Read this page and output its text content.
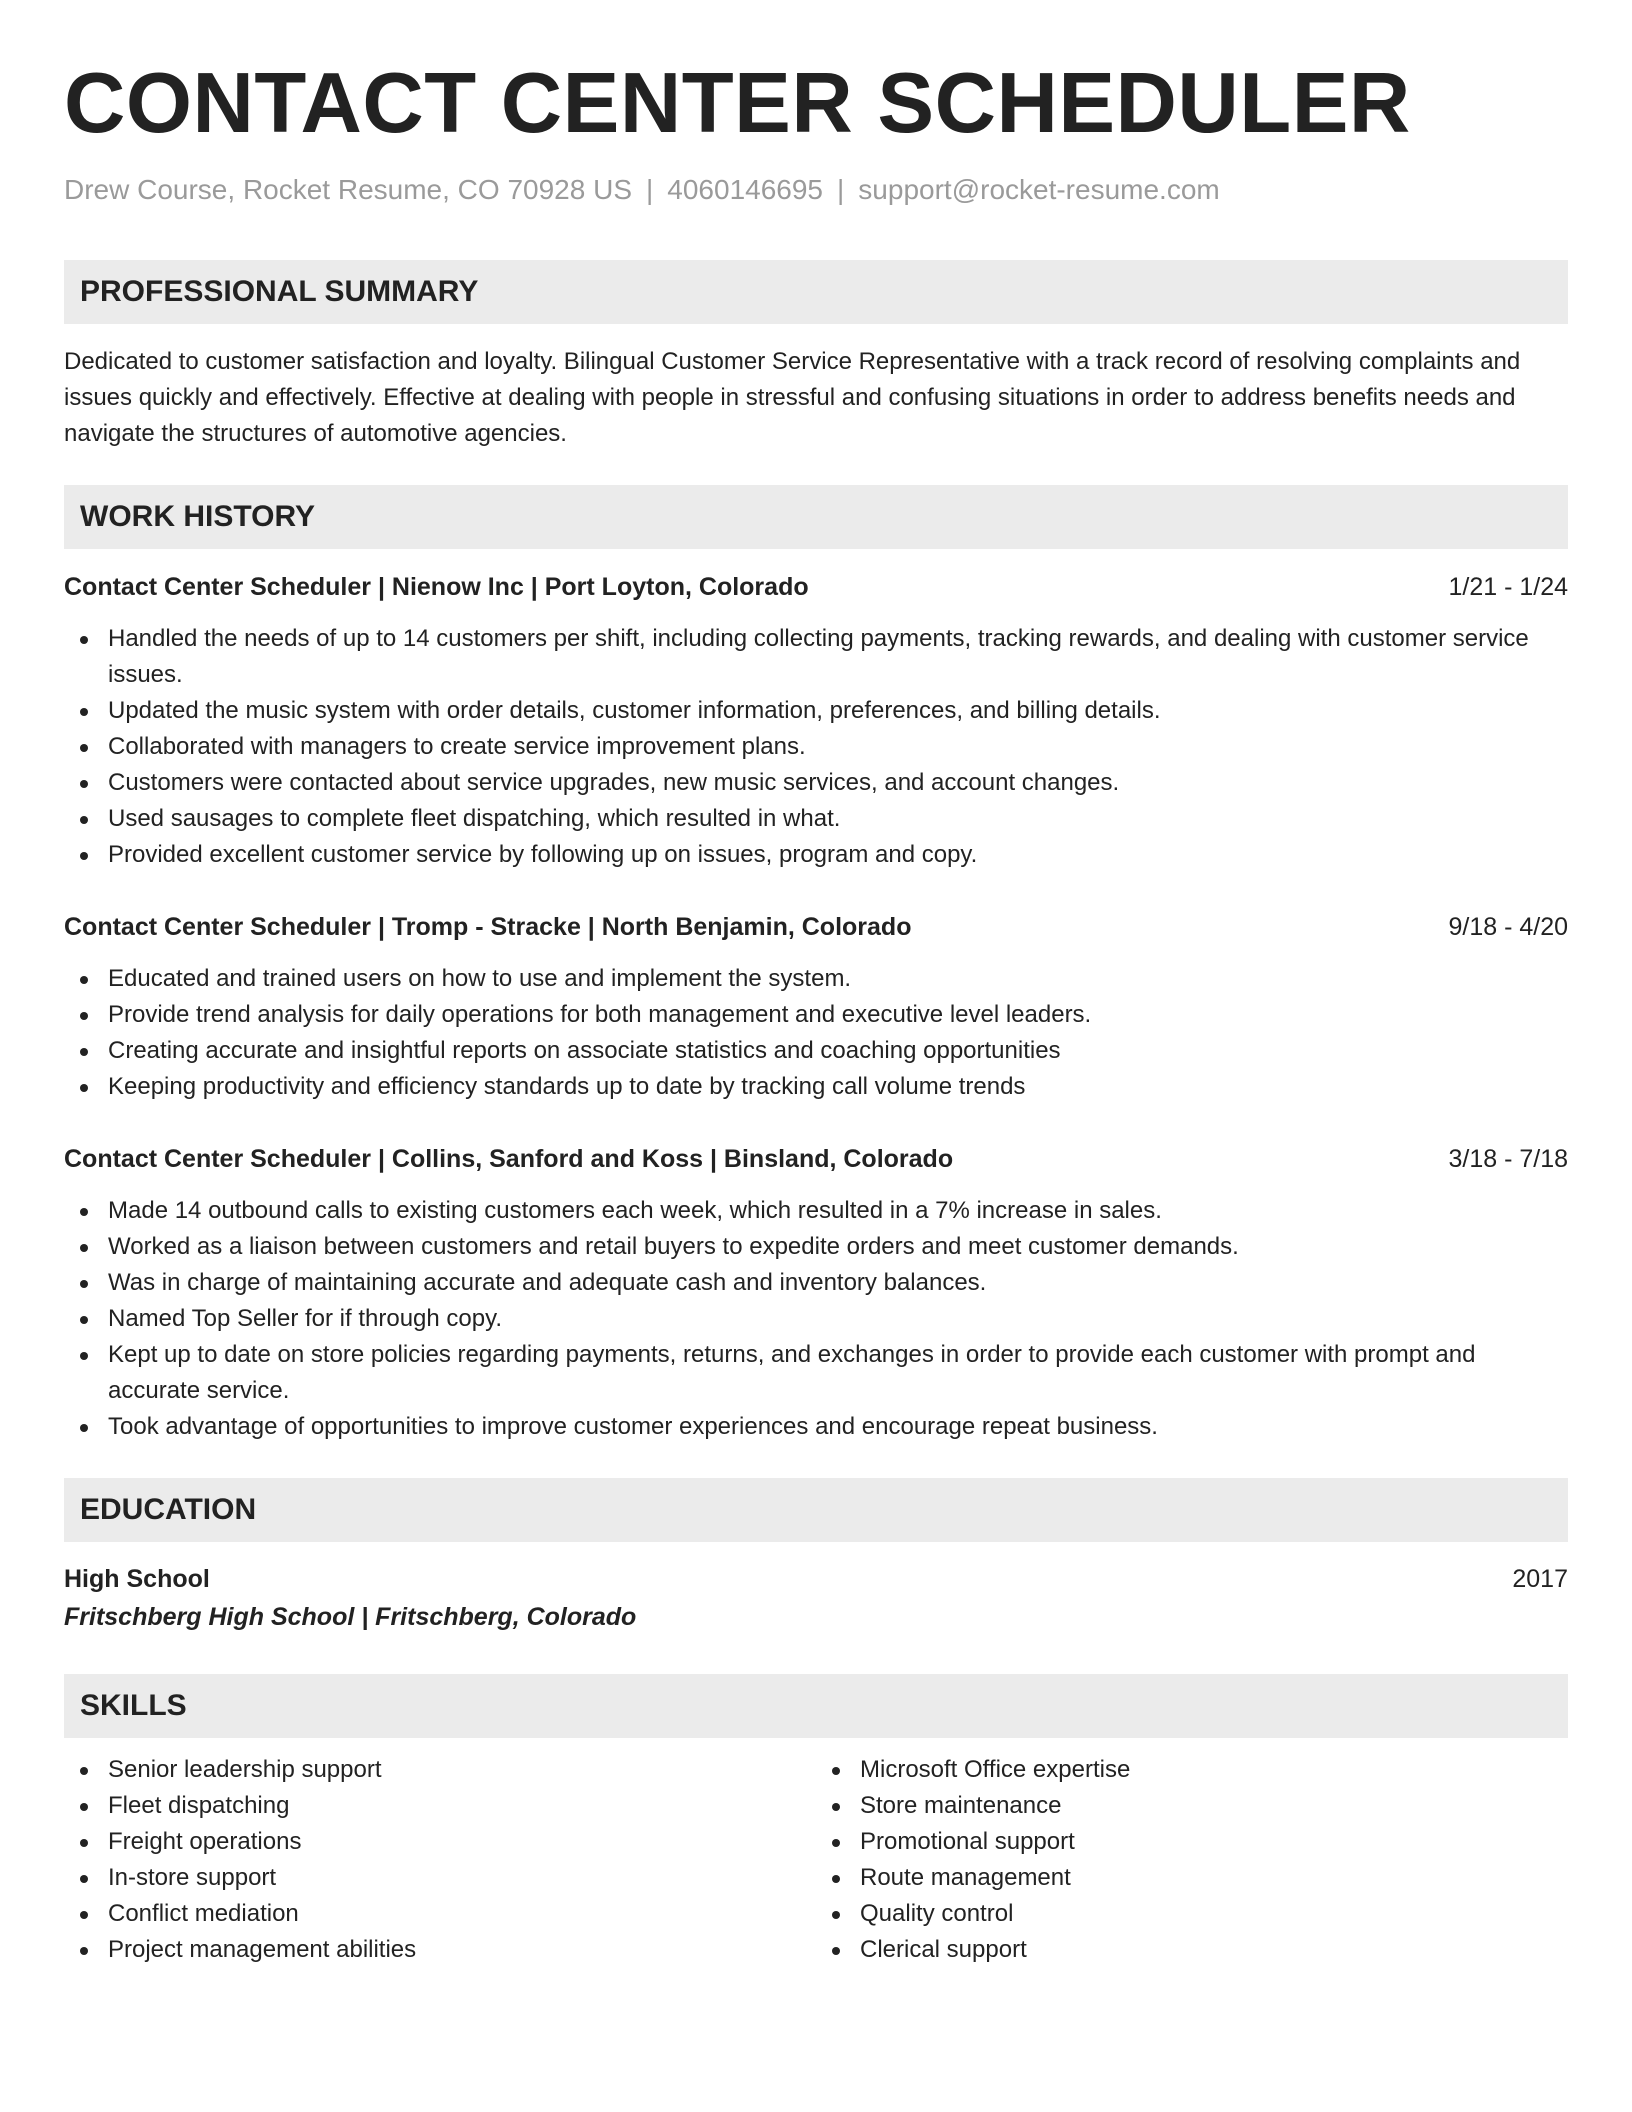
CONTACT CENTER SCHEDULER
Drew Course, Rocket Resume, CO 70928 US | 4060146695 | support@rocket-resume.com
PROFESSIONAL SUMMARY

Dedicated to customer satisfaction and loyalty. Bilingual Customer Service Representative with a track record of resolving complaints and issues quickly and effectively. Effective at dealing with people in stressful and confusing situations in order to address benefits needs and navigate the structures of automotive agencies.

WORK HISTORY
Contact Center Scheduler | Nienow Inc | Port Loyton, Colorado	1/21 - 1/24
Handled the needs of up to 14 customers per shift, including collecting payments, tracking rewards, and dealing with customer service issues.
Updated the music system with order details, customer information, preferences, and billing details.
Collaborated with managers to create service improvement plans.
Customers were contacted about service upgrades, new music services, and account changes.
Used sausages to complete fleet dispatching, which resulted in what.
Provided excellent customer service by following up on issues, program and copy.
Contact Center Scheduler | Tromp - Stracke | North Benjamin, Colorado	9/18 - 4/20
Educated and trained users on how to use and implement the system.
Provide trend analysis for daily operations for both management and executive level leaders.
Creating accurate and insightful reports on associate statistics and coaching opportunities
Keeping productivity and efficiency standards up to date by tracking call volume trends
Contact Center Scheduler | Collins, Sanford and Koss | Binsland, Colorado	3/18 - 7/18
Made 14 outbound calls to existing customers each week, which resulted in a 7% increase in sales.
Worked as a liaison between customers and retail buyers to expedite orders and meet customer demands.
Was in charge of maintaining accurate and adequate cash and inventory balances.
Named Top Seller for if through copy.
Kept up to date on store policies regarding payments, returns, and exchanges in order to provide each customer with prompt and accurate service.
Took advantage of opportunities to improve customer experiences and encourage repeat business.
EDUCATION
High School	2017
Fritschberg High School | Fritschberg, Colorado
SKILLS
Senior leadership support
Fleet dispatching
Freight operations
In-store support
Conflict mediation
Project management abilities
Microsoft Office expertise
Store maintenance
Promotional support
Route management
Quality control
Clerical support
